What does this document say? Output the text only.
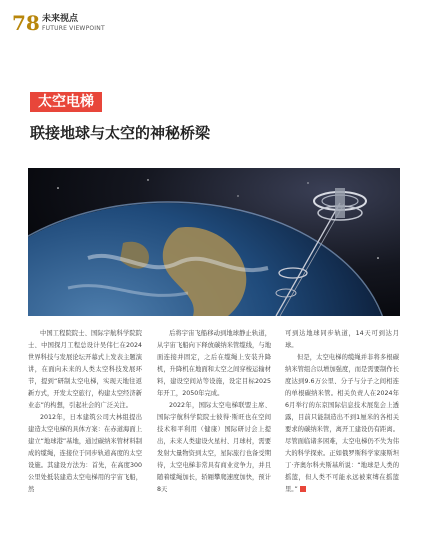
78 未来视点
FUTURE VIEWPOINT
太空电梯
联接地球与太空的神秘桥梁

中国工程院院士、国际宇航科学院院士、中国探月工程总设计吴伟仁在2024世界科技与发展论坛开幕式上发表主题演讲，在面向未来的人类太空科技发展环节，提到“研制太空电梯，实现天地往返新方式，开发太空旅行，构建太空经济新业态”的构想，引起社会的广泛关注。

2012年，日本建筑公司大林组提出建造太空电梯的具体方案：在赤道海面上建立“地球港”基地，通过碳纳米管材料制成的缆绳，连接位于同步轨道高度的太空设施。其建设方法为：首先，在高度300公里处抵装建造太空电梯用的宇宙飞船，然

后将宇宙飞船移动到地球静止轨道，从宇宙飞船向下释放碳纳米管缆线，与地面连接并固定，之后在缆绳上安装升降机，升降机在地面和太空之间穿梭运输材料，建设空间站等设施，设定目标2025年开工，2050年完成。

2022年，国际太空电梯联盟主席、国际宇航科学院院士彼得·斯旺也在空间技术和平利用（健康）国际研讨会上提出，未来人类建设火星村、月球村，需要发射大量物资到太空，星际旅行也备受期待，太空电梯非常具有商业竞争力，并且随着缆绳加长，轿厢攀爬速度加快，预计8天

可到达地球同步轨道，14天可到达月球。

但是，太空电梯的缆绳并非将多根碳纳米管组合以增加强度，而是需要制作长度达到9.6万公里、分子与分子之间相连的单根碳纳米管。相关负责人在2024年6月举行的东京国际信息技术展览会上透露，目前只能制造出不到1厘米的各相关要求的碳纳米管，离开工建设仍有距离。尽管面临诸多困难，太空电梯仍不失为伟大的科学探索。正如俄罗斯科学家康斯坦丁·齐奥尔科夫斯基所说：“地球是人类的摇篮，但人类不可能永远被束缚在摇篮里。”
